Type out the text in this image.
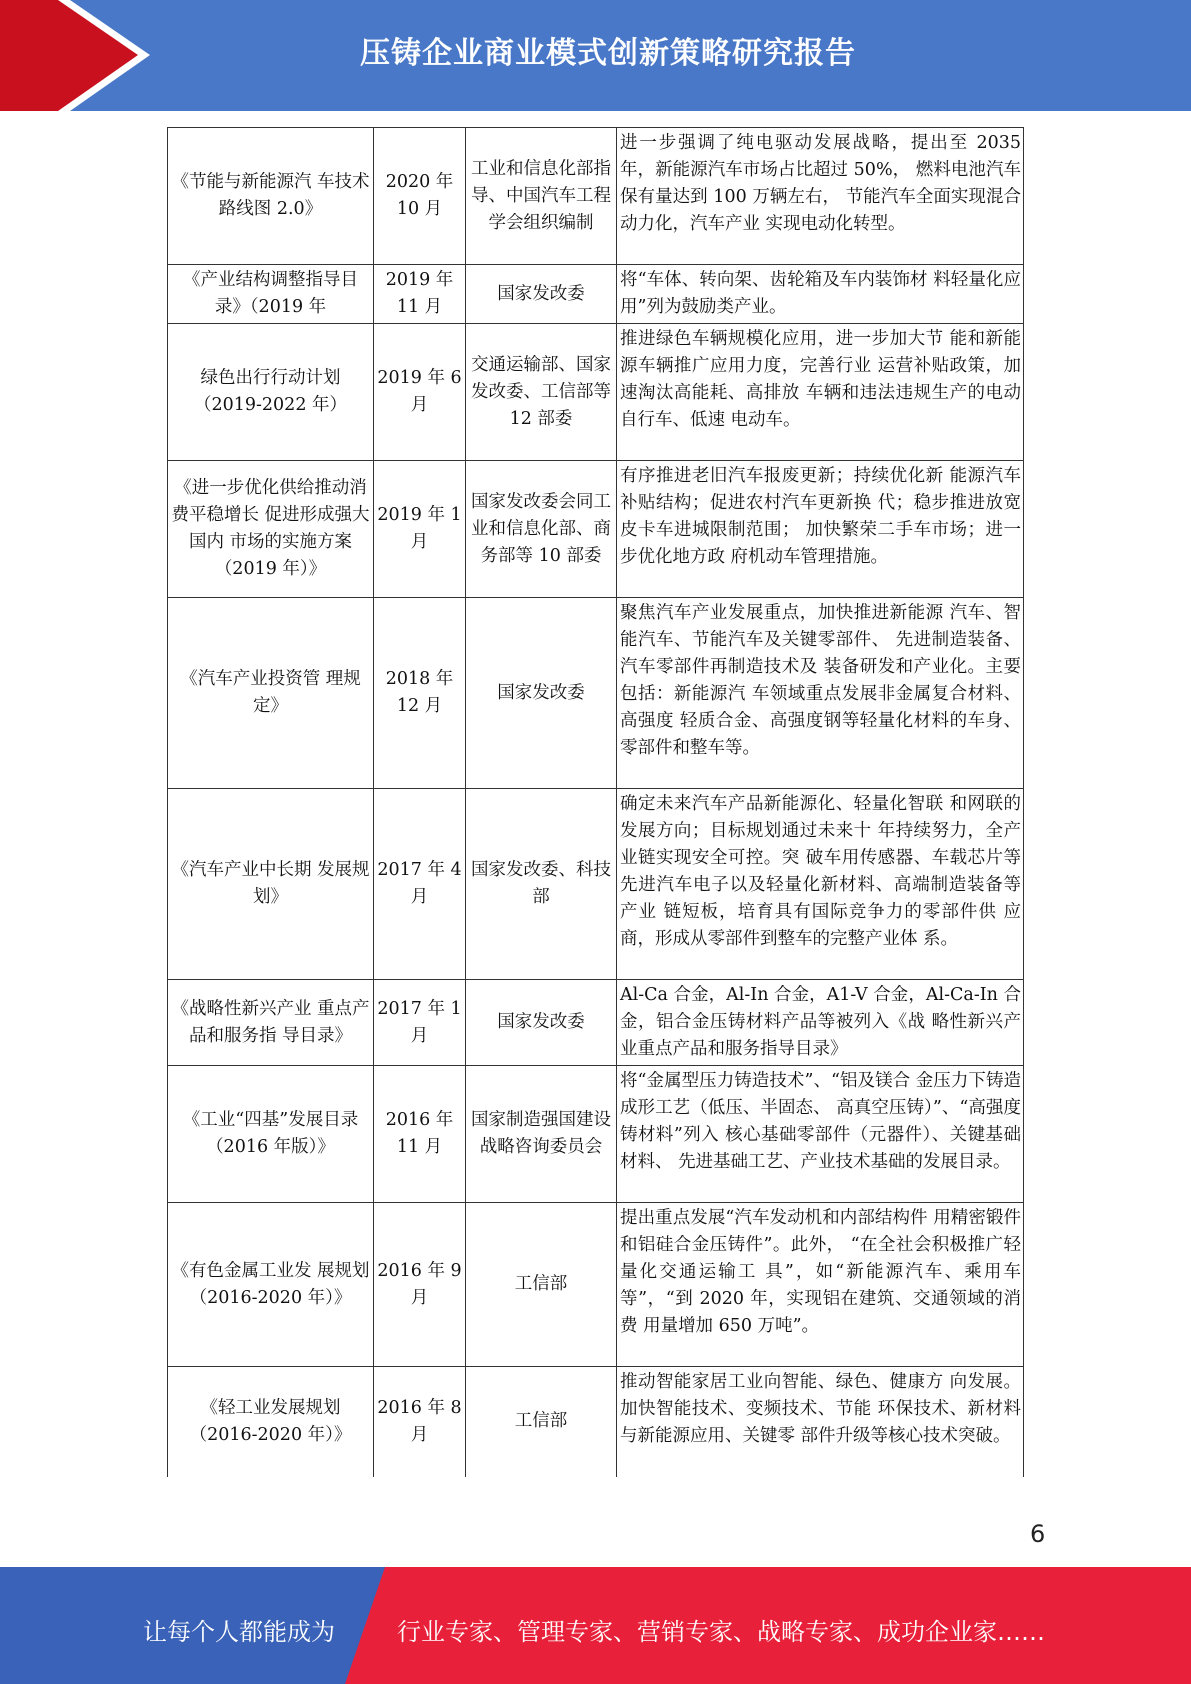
压铸企业商业模式创新策略研究报告
《节能与新能源汽 车技术路线图 2.0》	2020 年 10 月	工业和信息化部指导、中国汽车工程学会组织编制	进一步强调了纯电驱动发展战略，提出至 2035 年，新能源汽车市场占比超过 50%， 燃料电池汽车保有量达到 100 万辆左右， 节能汽车全面实现混合动力化，汽车产业 实现电动化转型。
《产业结构调整指导目录》（2019 年	2019 年 11 月	国家发改委	将“车体、转向架、齿轮箱及车内装饰材 料轻量化应用”列为鼓励类产业。
绿色出行行动计划 （2019-2022 年）	2019 年 6 月	交通运输部、国家发改委、工信部等 12 部委	推进绿色车辆规模化应用，进一步加大节 能和新能源车辆推广应用力度，完善行业 运营补贴政策，加速淘汰高能耗、高排放 车辆和违法违规生产的电动自行车、低速 电动车。
《进一步优化供给推动消费平稳增长 促进形成强大国内 市场的实施方案 （2019 年）》	2019 年 1 月	国家发改委会同工业和信息化部、商务部等 10 部委	有序推进老旧汽车报废更新；持续优化新 能源汽车补贴结构；促进农村汽车更新换 代；稳步推进放宽皮卡车进城限制范围； 加快繁荣二手车市场；进一步优化地方政 府机动车管理措施。
《汽车产业投资管 理规定》	2018 年 12 月	国家发改委	聚焦汽车产业发展重点，加快推进新能源 汽车、智能汽车、节能汽车及关键零部件、 先进制造装备、汽车零部件再制造技术及 装备研发和产业化。主要包括：新能源汽 车领域重点发展非金属复合材料、高强度 轻质合金、高强度钢等轻量化材料的车身、 零部件和整车等。
《汽车产业中长期 发展规划》	2017 年 4 月	国家发改委、科技部	确定未来汽车产品新能源化、轻量化智联 和网联的发展方向；目标规划通过未来十 年持续努力，全产业链实现安全可控。突 破车用传感器、车载芯片等先进汽车电子以及轻量化新材料、高端制造装备等产业 链短板，培育具有国际竞争力的零部件供 应商，形成从零部件到整车的完整产业体 系。
《战略性新兴产业 重点产品和服务指 导目录》	2017 年 1 月	国家发改委	Al-Ca 合金，Al-In 合金，A1-V 合金，Al-Ca-In 合金，铝合金压铸材料产品等被列入《战 略性新兴产业重点产品和服务指导目录》
《工业“四基”发展目录（2016 年版）》	2016 年 11 月	国家制造强国建设战略咨询委员会	将“金属型压力铸造技术”、“铝及镁合 金压力下铸造成形工艺（低压、半固态、 高真空压铸）”、“高强度铸材料”列入 核心基础零部件（元器件）、关键基础材料、 先进基础工艺、产业技术基础的发展目录。
《有色金属工业发 展规划 （2016-2020 年）》	2016 年 9 月	工信部	提出重点发展“汽车发动机和内部结构件 用精密锻件和铝硅合金压铸件”。此外， “在全社会积极推广轻量化交通运输工 具”，如“新能源汽车、乘用车等”，“到 2020 年，实现铝在建筑、交通领域的消费 用量增加 650 万吨”。
《轻工业发展规划 （2016-2020 年）》	2016 年 8 月	工信部	推动智能家居工业向智能、绿色、健康方 向发展。加快智能技术、变频技术、节能 环保技术、新材料与新能源应用、关键零 部件升级等核心技术突破。
6
让每个人都能成为	行业专家、管理专家、营销专家、战略专家、成功企业家……
